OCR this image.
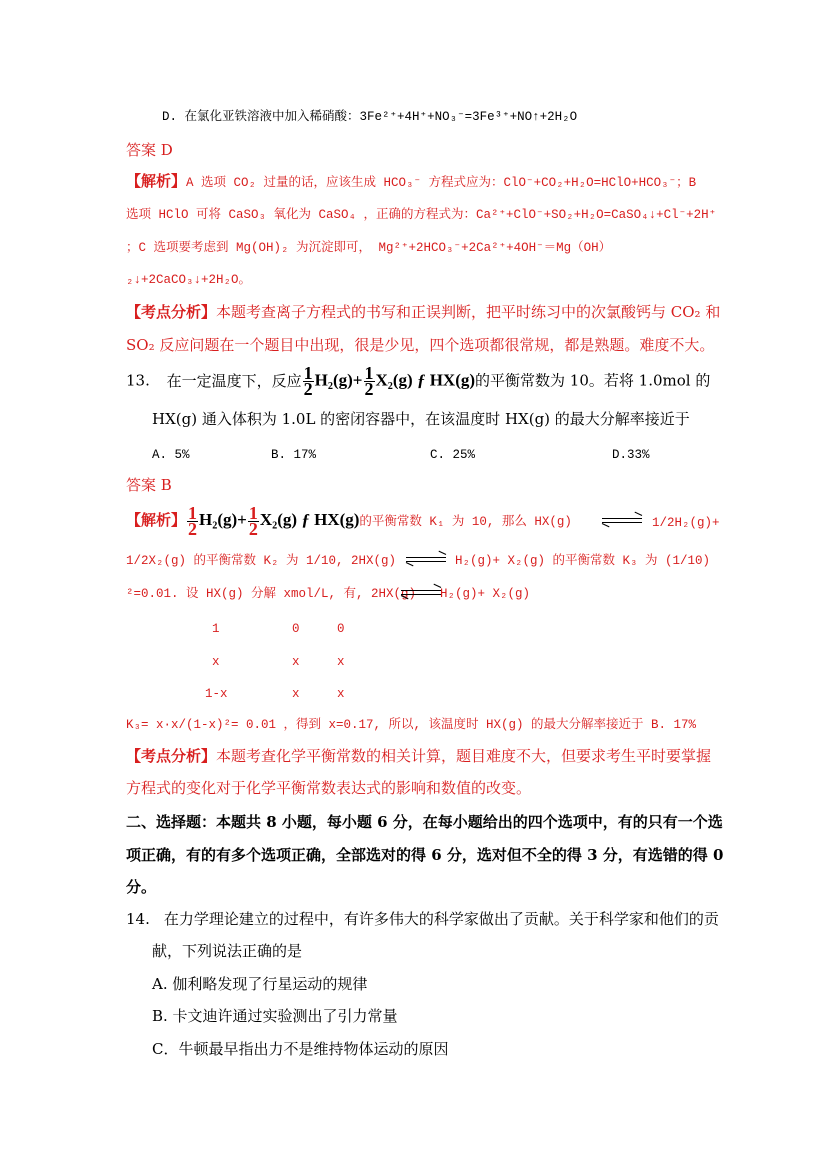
D. 在氯化亚铁溶液中加入稀硝酸：3Fe²⁺+4H⁺+NO₃⁻=3Fe³⁺+NO↑+2H₂O
答案 D
【解析】A 选项 CO₂ 过量的话，应该生成 HCO₃⁻ 方程式应为：ClO⁻+CO₂+H₂O=HClO+HCO₃⁻；B
选项 HClO 可将 CaSO₃ 氧化为 CaSO₄ ，正确的方程式为：Ca²⁺+ClO⁻+SO₂+H₂O=CaSO₄↓+Cl⁻+2H⁺
；C 选项要考虑到 Mg(OH)₂ 为沉淀即可， Mg²⁺+2HCO₃⁻+2Ca²⁺+4OH⁻＝Mg（OH）
₂↓+2CaCO₃↓+2H₂O。
【考点分析】本题考查离子方程式的书写和正误判断，把平时练习中的次氯酸钙与 CO₂ 和
SO₂ 反应问题在一个题目中出现，很是少见，四个选项都很常规，都是熟题。难度不大。
13. 在一定温度下，反应 $\frac{1}{2} H_2(g)+ \frac{1}{2} X_2(g)$ ƒ HX(g)的平衡常数为 10。若将 1.0mol 的
HX(g) 通入体积为 1.0L 的密闭容器中，在该温度时 HX(g) 的最大分解率接近于
A. 5%	B. 17%	C. 25%	D.33%
答案 B
【解析】 $\frac{1}{2} H_2(g)+ \frac{1}{2} X_2(g)$ ƒ HX(g)的平衡常数 K₁ 为 10, 那么 HX(g)	1/2H₂(g)+
1/2X₂(g) 的平衡常数 K₂ 为 1/10, 2HX(g)	H₂(g)+ X₂(g) 的平衡常数 K₃ 为 (1/10)
²=0.01. 设 HX(g) 分解 xmol/L, 有, 2HX(g) H₂(g)+ X₂(g)
1	0	0
x	x	x
1-x	x	x
K₃= x·x/(1-x)²= 0.01 ，得到 x=0.17, 所以, 该温度时 HX(g) 的最大分解率接近于 B. 17%
【考点分析】本题考查化学平衡常数的相关计算，题目难度不大，但要求考生平时要掌握
方程式的变化对于化学平衡常数表达式的影响和数值的改变。
二、选择题：本题共 8 小题，每小题 6 分，在每小题给出的四个选项中，有的只有一个选
项正确，有的有多个选项正确，全部选对的得 6 分，选对但不全的得 3 分，有选错的得 0
分。
14. 在力学理论建立的过程中，有许多伟大的科学家做出了贡献。关于科学家和他们的贡
献，下列说法正确的是
A. 伽利略发现了行星运动的规律
B. 卡文迪许通过实验测出了引力常量
C．牛顿最早指出力不是维持物体运动的原因
